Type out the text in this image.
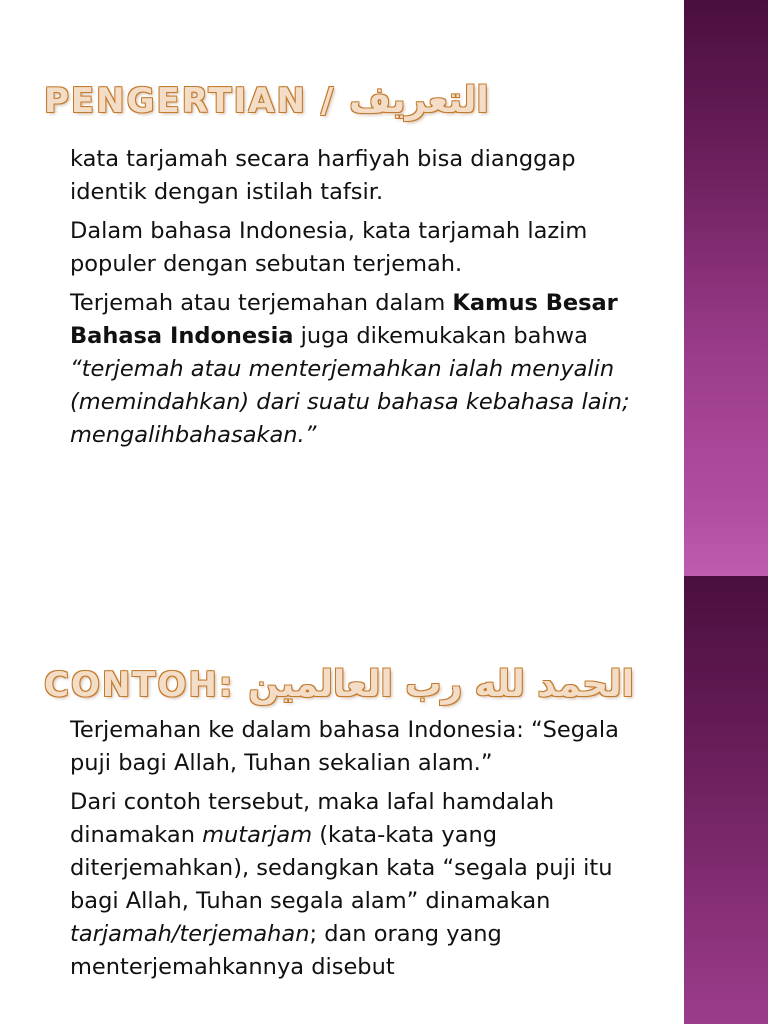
PENGERTIAN / التعريف

kata tarjamah secara harfiyah bisa dianggap identik dengan istilah tafsir.

Dalam bahasa Indonesia, kata tarjamah lazim populer dengan sebutan terjemah.

Terjemah atau terjemahan dalam Kamus Besar Bahasa Indonesia juga dikemukakan bahwa “terjemah atau menterjemahkan ialah menyalin (memindahkan) dari suatu bahasa kebahasa lain; mengalihbahasakan.”

CONTOH: الحمد لله رب العالمين

Terjemahan ke dalam bahasa Indonesia: “Segala puji bagi Allah, Tuhan sekalian alam.”

Dari contoh tersebut, maka lafal hamdalah dinamakan mutarjam (kata-kata yang diterjemahkan), sedangkan kata “segala puji itu bagi Allah, Tuhan segala alam” dinamakan tarjamah/terjemahan; dan orang yang menterjemahkannya disebut
